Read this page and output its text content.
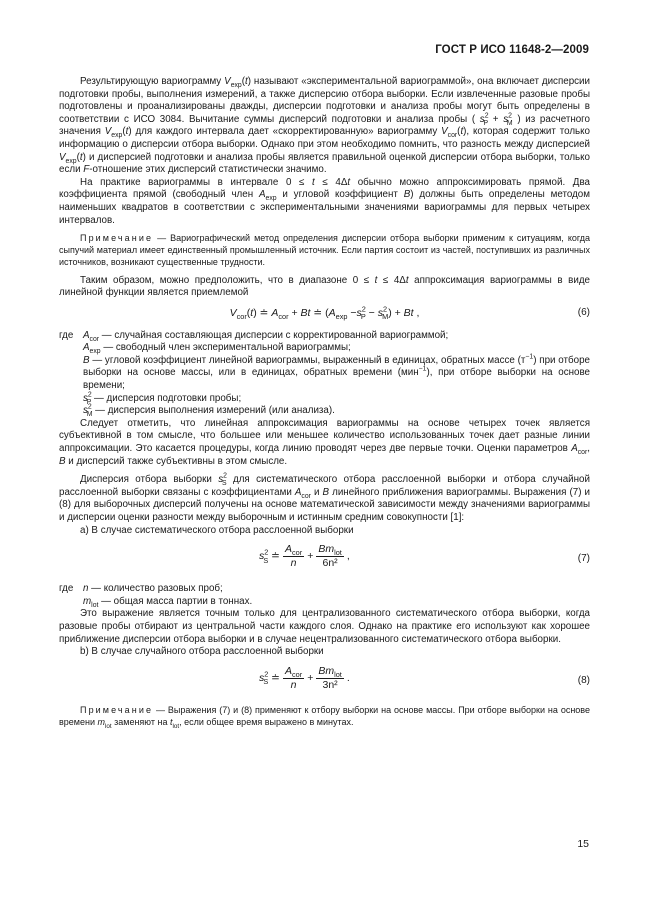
ГОСТ Р ИСО 11648-2—2009

Результирующую вариограмму $V_{exp}(t)$ называют «экспериментальной вариограммой», она включает дисперсии подготовки пробы, выполнения измерений, а также дисперсию отбора выборки. Если извлеченные разовые пробы подготовлены и проанализированы дважды, дисперсии подготовки и анализа пробы могут быть определены в соответствии с ИСО 3084. Вычитание суммы дисперсий подготовки и анализа пробы ( $s^2_P + s^2_M$ ) из расчетного значения $V_{exp}(t)$ для каждого интервала дает «скорректированную» вариограмму $V_{cor}(t)$, которая содержит только информацию о дисперсии отбора выборки. Однако при этом необходимо помнить, что разность между дисперсией $V_{exp}(t)$ и дисперсией подготовки и анализа пробы является правильной оценкой дисперсии отбора выборки, только если F-отношение этих дисперсий статистически значимо.

На практике вариограммы в интервале 0 ≤ t ≤ 4Δt обычно можно аппроксимировать прямой. Два коэффициента прямой (свободный член $A_{exp}$ и угловой коэффициент B) должны быть определены методом наименьших квадратов в соответствии с экспериментальными значениями вариограммы для первых четырех интервалов.

Примечание — Вариографический метод определения дисперсии отбора выборки применим к ситуациям, когда сыпучий материал имеет единственный промышленный источник. Если партия состоит из частей, поступивших из различных источников, возникают существенные трудности.

Таким образом, можно предположить, что в диапазоне 0 ≤ t ≤ 4Δt аппроксимация вариограммы в виде линейной функции является приемлемой

$V_{cor}(t)$ ≐ $A_{cor} + Bt$ ≐ $(A_{exp} -s^2_P - s^2_M) + Bt$ ,	(6)
где $A_{cor}$ — случайная составляющая дисперсии с корректированной вариограммой;

$A_{exp}$ — свободный член экспериментальной вариограммы;

B — угловой коэффициент линейной вариограммы, выраженный в единицах, обратных массе $(т^{-1})$ при отборе выборки на основе массы, или в единицах, обратных времени (мин$^{-1}$), при отборе выборки на основе времени;

$s^2_P$ — дисперсия подготовки пробы;

$s^2_M$ — дисперсия выполнения измерений (или анализа).

Следует отметить, что линейная аппроксимация вариограммы на основе четырех точек является субъективной в том смысле, что большее или меньшее количество использованных точек дает разные линии аппроксимации. Это касается процедуры, когда линию проводят через две первые точки. Оценки параметров $A_{cor}$, B и дисперсий также субъективны в этом смысле.

Дисперсия отбора выборки $s^2_S$ для систематического отбора расслоенной выборки и отбора случайной расслоенной выборки связаны с коэффициентами $A_{cor}$ и B линейного приближения вариограммы. Выражения (7) и (8) для выборочных дисперсий получены на основе математической зависимости между значениями вариограммы и дисперсии оценки разности между выборочным и истинным средним совокупности [1]:

a) В случае систематического отбора расслоенной выборки

$s^2_S$ ≐ $\frac{A_{cor}}{n} + \frac{Bm_{lot}}{\text{6n²}}$ ,	(7)
где n — количество разовых проб;

$m_{lot}$ — общая масса партии в тоннах.

Это выражение является точным только для централизованного систематического отбора выборки, когда разовые пробы отбирают из центральной части каждого слоя. Однако на практике его используют как хорошее приближение дисперсии отбора выборки и в случае нецентрализованного систематического отбора выборки.

b) В случае случайного отбора расслоенной выборки

$s^2_S$ ≐ $\frac{A_{cor}}{n} + \frac{Bm_{lot}}{\text{3n²}}$ .	(8)

Примечание — Выражения (7) и (8) применяют к отбору выборки на основе массы. При отборе выборки на основе времени $m_{lot}$ заменяют на $t_{lot}$, если общее время выражено в минутах.

15
